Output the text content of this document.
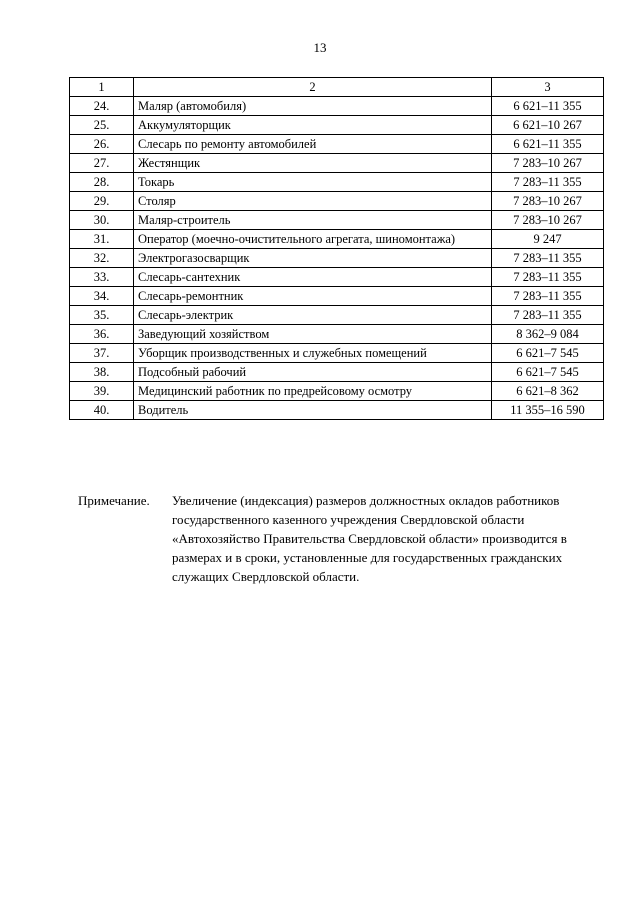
13
1	2	3
24.	Маляр (автомобиля)	6 621–11 355
25.	Аккумуляторщик	6 621–10 267
26.	Слесарь по ремонту автомобилей	6 621–11 355
27.	Жестянщик	7 283–10 267
28.	Токарь	7 283–11 355
29.	Столяр	7 283–10 267
30.	Маляр-строитель	7 283–10 267
31.	Оператор (моечно-очистительного агрегата, шиномонтажа)	9 247
32.	Электрогазосварщик	7 283–11 355
33.	Слесарь-сантехник	7 283–11 355
34.	Слесарь-ремонтник	7 283–11 355
35.	Слесарь-электрик	7 283–11 355
36.	Заведующий хозяйством	8 362–9 084
37.	Уборщик производственных и служебных помещений	6 621–7 545
38.	Подсобный рабочий	6 621–7 545
39.	Медицинский работник по предрейсовому осмотру	6 621–8 362
40.	Водитель	11 355–16 590
Примечание. Увеличение (индексация) размеров должностных окладов работников государственного казенного учреждения Свердловской области «Автохозяйство Правительства Свердловской области» производится в размерах и в сроки, установленные для государственных гражданских служащих Свердловской области.
